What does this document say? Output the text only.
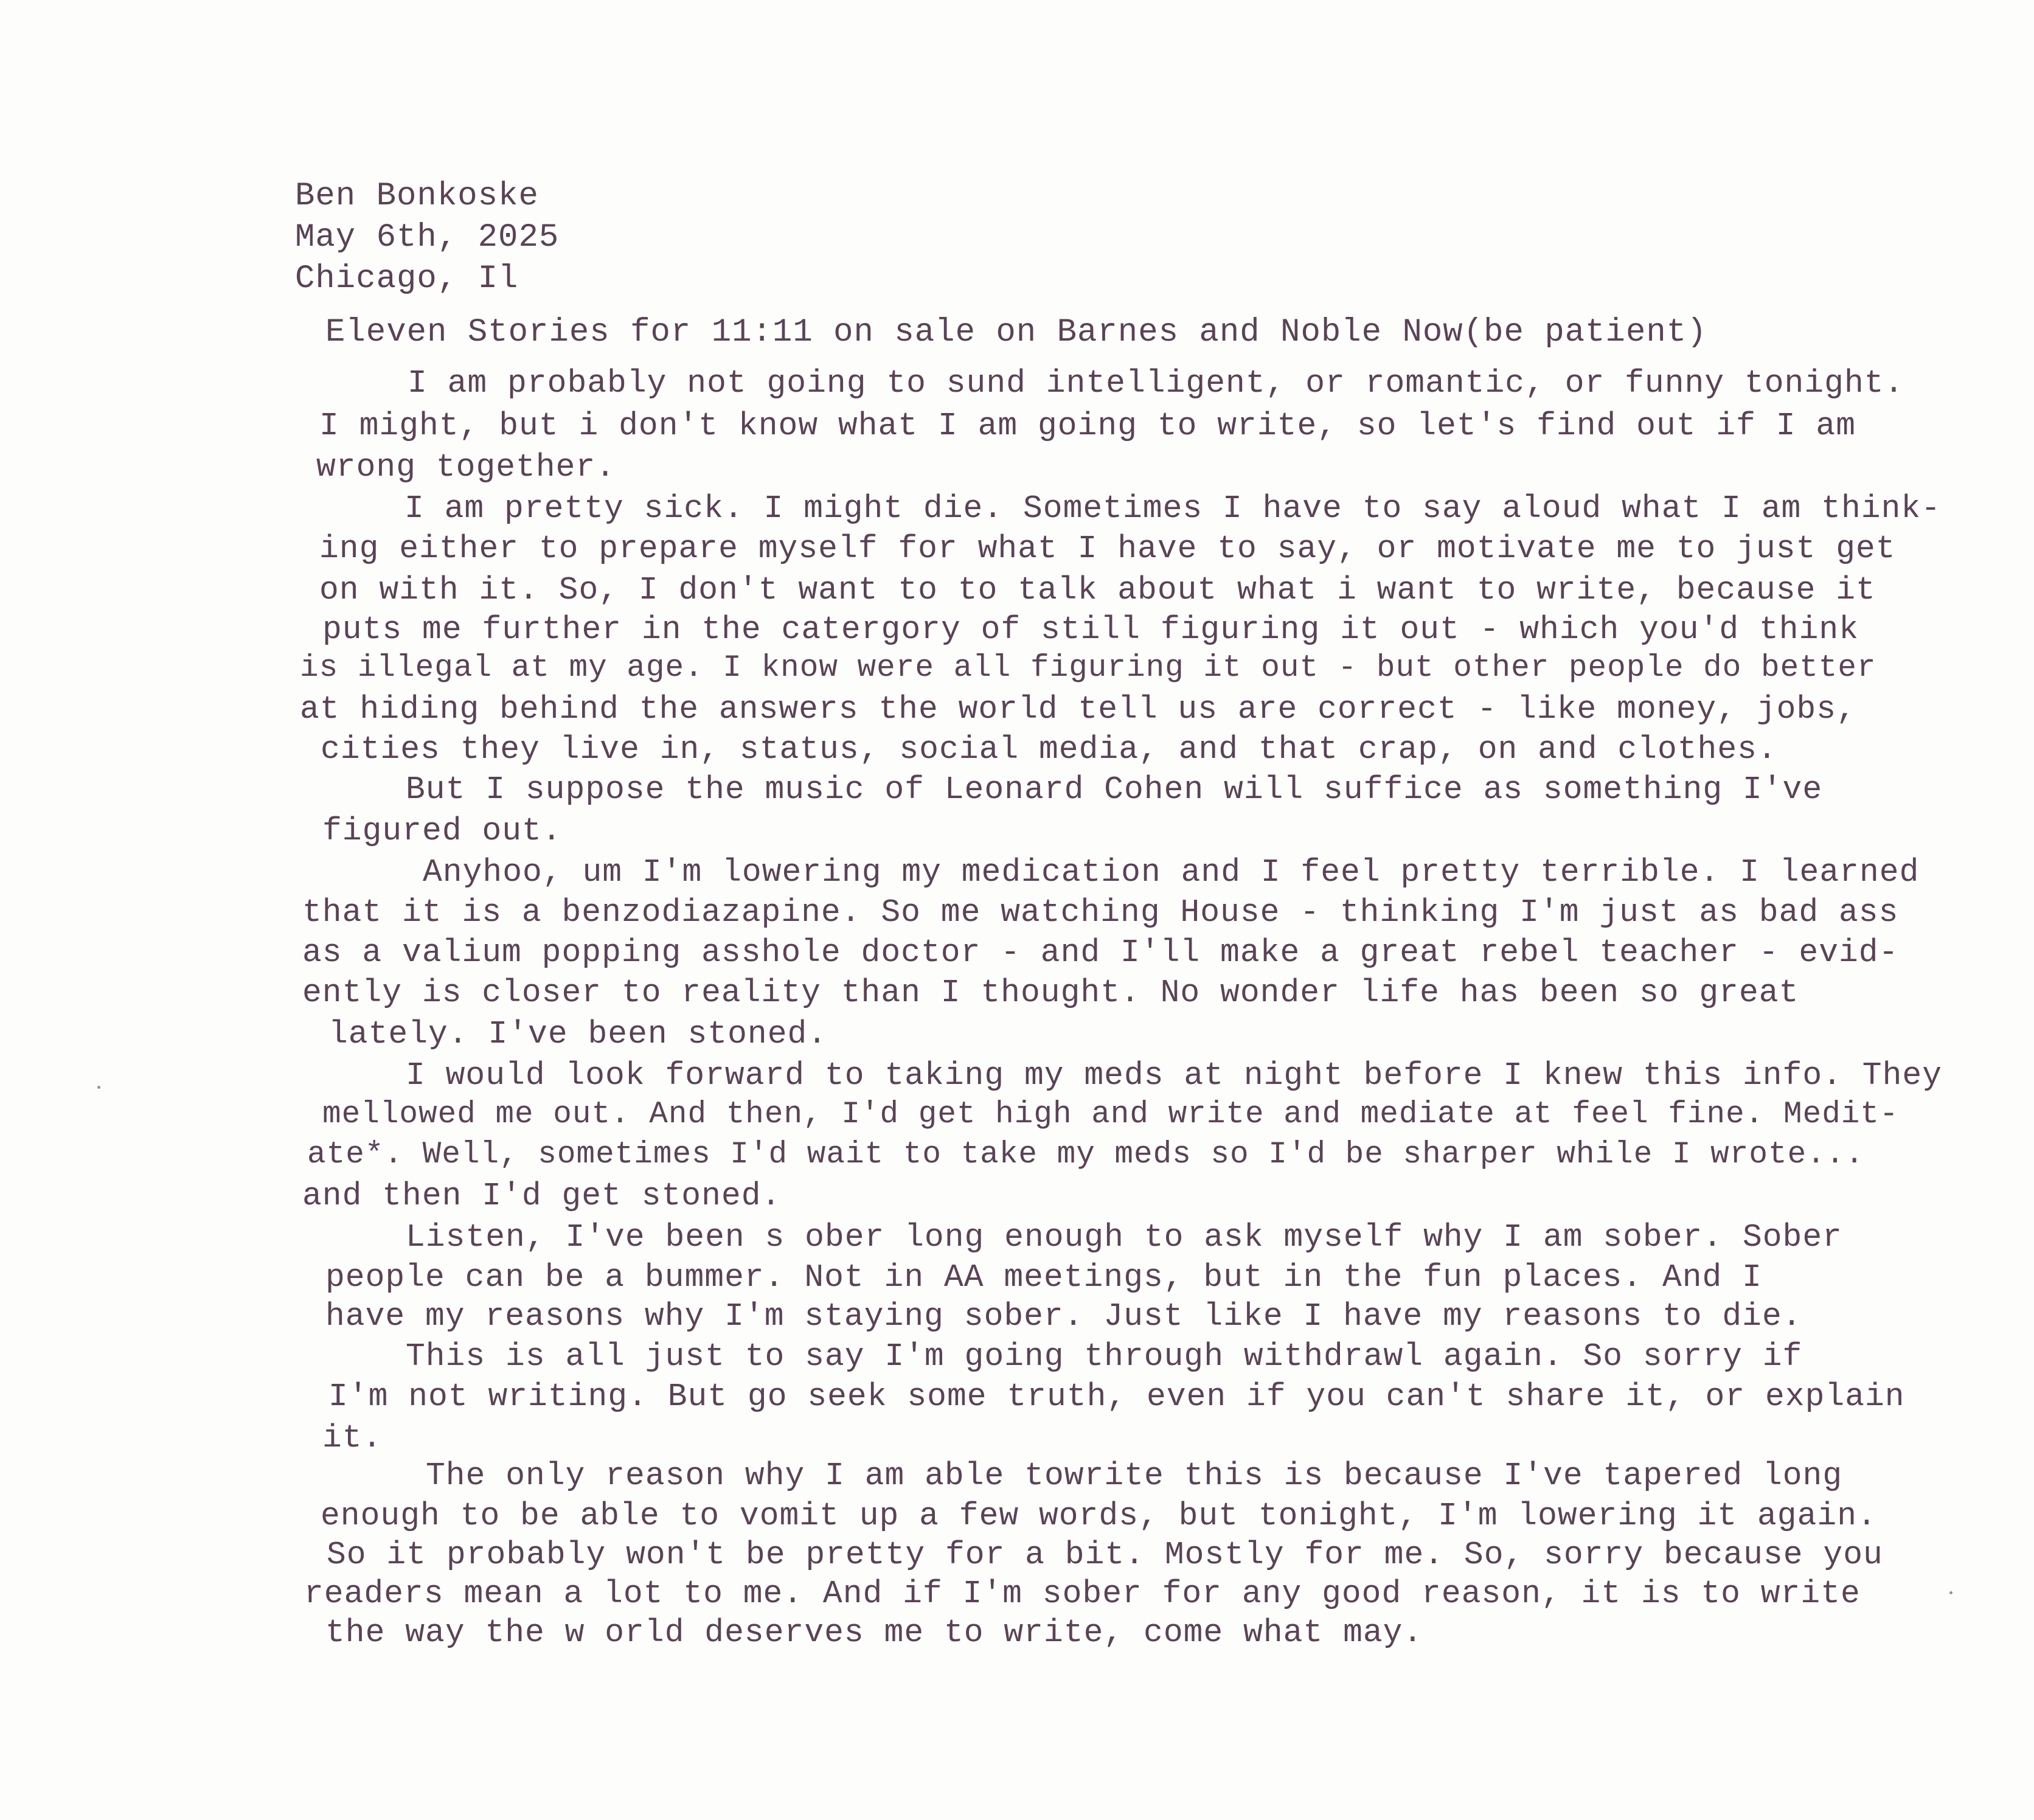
Ben Bonkoske
May 6th, 2025
Chicago, Il
Eleven Stories for 11:11 on sale on Barnes and Noble Now(be patient)
I am probably not going to sund intelligent, or romantic, or funny tonight.
I might, but i don't know what I am going to write, so let's find out if I am
wrong together.
I am pretty sick. I might die. Sometimes I have to say aloud what I am think-
ing either to prepare myself for what I have to say, or motivate me to just get
on with it. So, I don't want to to talk about what i want to write, because it
puts me further in the catergory of still figuring it out - which you'd think
is illegal at my age. I know were all figuring it out - but other people do better
at hiding behind the answers the world tell us are correct - like money, jobs,
cities they live in, status, social media, and that crap, on and clothes.
But I suppose the music of Leonard Cohen will suffice as something I've
figured out.
Anyhoo, um I'm lowering my medication and I feel pretty terrible. I learned
that it is a benzodiazapine. So me watching House - thinking I'm just as bad ass
as a valium popping asshole doctor - and I'll make a great rebel teacher - evid-
ently is closer to reality than I thought. No wonder life has been so great
lately. I've been stoned.
I would look forward to taking my meds at night before I knew this info. They
mellowed me out. And then, I'd get high and write and mediate at feel fine. Medit-
ate*. Well, sometimes I'd wait to take my meds so I'd be sharper while I wrote...
and then I'd get stoned.
Listen, I've been s ober long enough to ask myself why I am sober. Sober
people can be a bummer. Not in AA meetings, but in the fun places. And I
have my reasons why I'm staying sober. Just like I have my reasons to die.
This is all just to say I'm going through withdrawl again. So sorry if
I'm not writing. But go seek some truth, even if you can't share it, or explain
it.
The only reason why I am able towrite this is because I've tapered long
enough to be able to vomit up a few words, but tonight, I'm lowering it again.
So it probably won't be pretty for a bit. Mostly for me. So, sorry because you
readers mean a lot to me. And if I'm sober for any good reason, it is to write
the way the w orld deserves me to write, come what may.
